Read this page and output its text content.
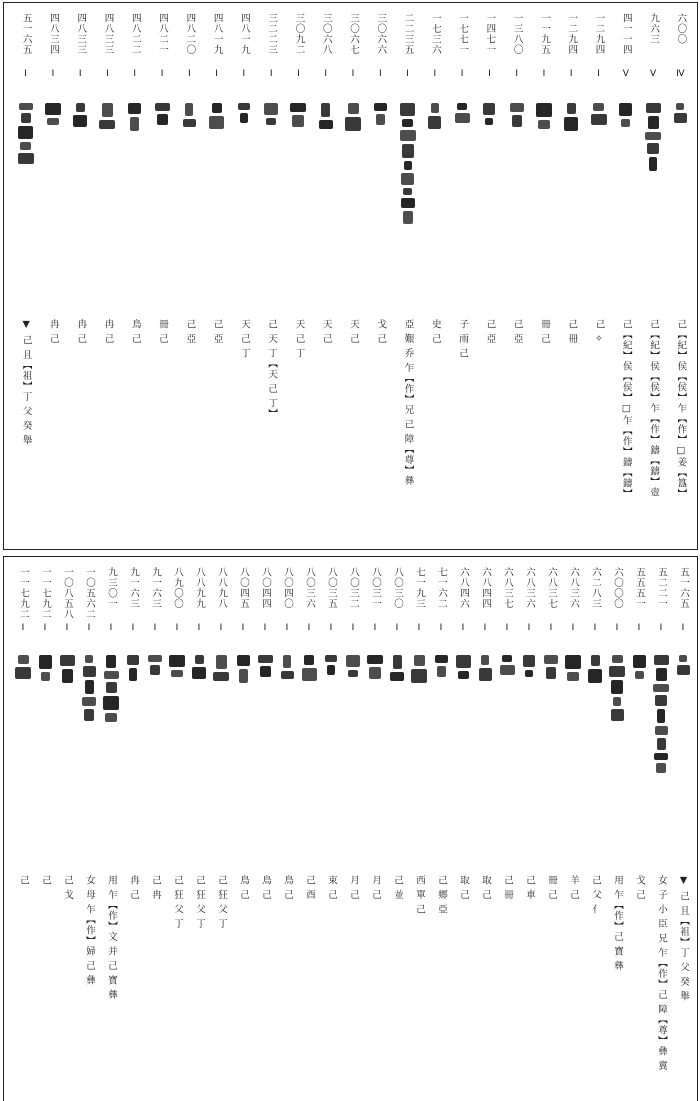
六〇〇
Ⅳ
己【紀】侯【侯】乍【作】□姜【簋】
九六三
Ⅴ
己【紀】侯【侯】乍【作】鑄【鑄】壺
四一一四
Ⅴ
己【紀】侯【侯】□乍【作】鑄【鑄】
一二九四
Ⅰ
己 ✧
一二九四
Ⅰ
己 冊
一一九五
Ⅰ
冊 己
一三八〇
Ⅰ
己 亞
一四七一
Ⅰ
己 亞
一七七一
Ⅰ
子 雨 己
一七三六
Ⅰ
史 己
二二三五
Ⅰ
亞 艱 乔 乍【作】兄 己 障【尊】彝
三〇六六
Ⅰ
戈 己
三〇六七
Ⅰ
天 己
三〇六八
Ⅰ
天 己
三〇九二
Ⅰ
天 己 丁
三二二三
Ⅰ
己 天 丁【天 己 丁】
四八一九
Ⅰ
天 己 丁
四八一九
Ⅰ
己 亞
四八二〇
Ⅰ
己 亞
四八二一
Ⅰ
冊 己
四八二二
Ⅰ
鳥 己
四八三三
Ⅰ
冉 己
四八三三
Ⅰ
冉 己
四八三四
Ⅰ
冉 己
五一六五
Ⅰ
▼ 己 且【祖】丁 父 癸 舉
五一六五
Ⅰ
▼ 己 且【祖】丁 父 癸 舉
五二二一
Ⅰ
女 子 小 臣 兄 乍【作】己 障【尊】彝 冀
五五五一
Ⅰ
戈 己
六〇〇〇
Ⅰ
用 乍【作】己 寶 彝
六二八三
Ⅰ
己 父 亻
六八三六
Ⅰ
羊 己
六八三七
Ⅰ
冊 己
六八三六
Ⅰ
己 車
六八三七
Ⅰ
己 冊
六八四四
Ⅰ
取 己
六八四六
Ⅰ
取 己
七一六二
Ⅰ
己 鄉 亞
七一九三
Ⅰ
西 單 己
八〇三〇
Ⅰ
己 並
八〇三一
Ⅰ
月 己
八〇三二
Ⅰ
月 己
八〇三五
Ⅰ
束 己
八〇三六
Ⅰ
己 酉
八〇四〇
Ⅰ
鳥 己
八〇四四
Ⅰ
鳥 己
八〇四五
Ⅰ
鳥 己
八八九八
Ⅰ
己 狂 父 丁
八八九九
Ⅰ
己 狂 父 丁
八九〇〇
Ⅰ
己 狂 父 丁
九一六三
Ⅰ
己 冉
九一六三
Ⅰ
冉 己
九三〇一
Ⅰ
用 乍【作】文 并 己 寶 彝
一〇五六二
Ⅰ
女 母 乍【作】婦 己 彝
一〇八五八
Ⅰ
己 戈
一一七九二
Ⅰ
己
一一七九二
Ⅰ
己
